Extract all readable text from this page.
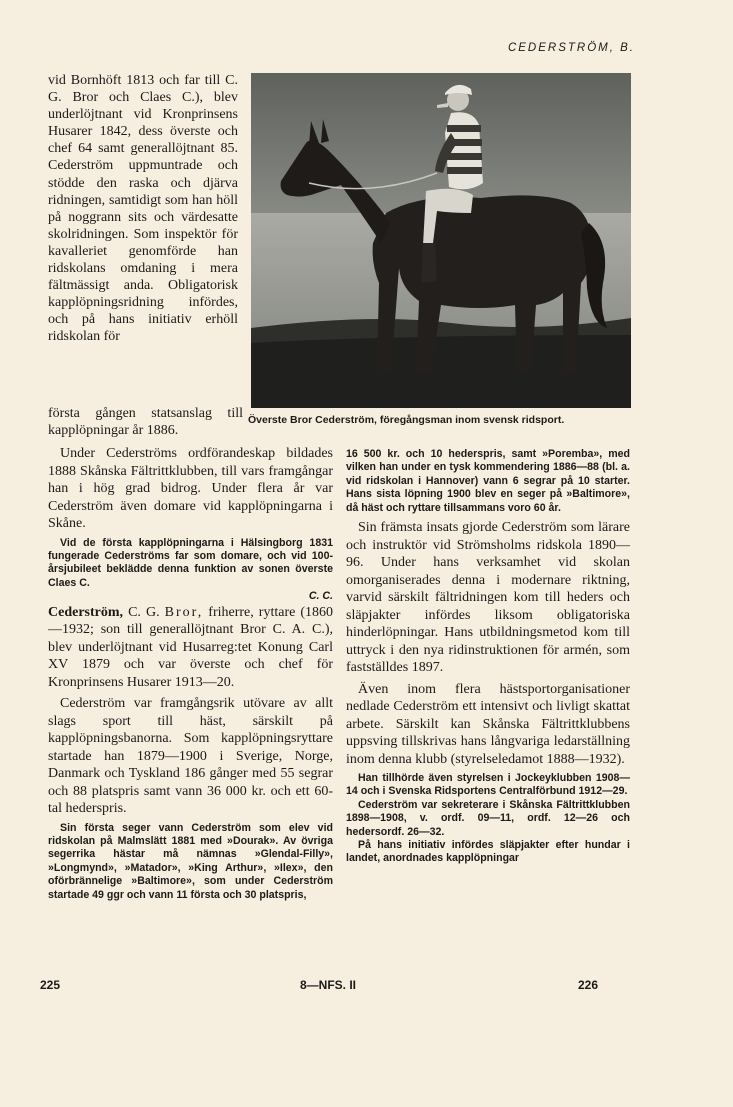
CEDERSTRÖM, B.
Överste Bror Cederström, föregångsman inom svensk ridsport.

vid Bornhöft 1813 och far till C. G. Bror och Claes C.), blev underlöjtnant vid Kronprinsens Husarer 1842, dess överste och chef 64 samt generallöjtnant 85. Cederström uppmuntrade och stödde den raska och djärva ridningen, samtidigt som han höll på noggrann sits och värdesatte skolridningen. Som inspektör för kavalleriet genomförde han ridskolans omdaning i mera fältmässigt anda. Obligatorisk kapplöpningsridning infördes, och på hans initiativ erhöll ridskolan för

första gången statsanslag till kapplöpningar år 1886.

Under Cederströms ordförandeskap bildades 1888 Skånska Fältrittklubben, till vars framgångar han i hög grad bidrog. Under flera år var Cederström även domare vid kapplöpningarna i Skåne.

Vid de första kapplöpningarna i Hälsingborg 1831 fungerade Cederströms far som domare, och vid 100-årsjubileet beklädde denna funktion av sonen överste Claes C.

C. C.

Cederström, C. G. Bror, friherre, ryttare (1860—1932; son till generallöjtnant Bror C. A. C.), blev underlöjtnant vid Husarreg:tet Konung Carl XV 1879 och var överste och chef för Kronprinsens Husarer 1913—20.

Cederström var framgångsrik utövare av allt slags sport till häst, särskilt på kapplöpningsbanorna. Som kapplöpningsryttare startade han 1879—1900 i Sverige, Norge, Danmark och Tyskland 186 gånger med 55 segrar och 88 platspris samt vann 36 000 kr. och ett 60-tal hederspris.

Sin första seger vann Cederström som elev vid ridskolan på Malmslätt 1881 med »Dourak». Av övriga segerrika hästar må nämnas »Glendal-Filly», »Longmynd», »Matador», »King Arthur», »Ilex», den oförbrännelige »Baltimore», som under Cederström startade 49 ggr och vann 11 första och 30 platspris,

16 500 kr. och 10 hederspris, samt »Poremba», med vilken han under en tysk kommendering 1886—88 (bl. a. vid ridskolan i Hannover) vann 6 segrar på 10 starter. Hans sista löpning 1900 blev en seger på »Baltimore», då häst och ryttare tillsammans voro 60 år.

Sin främsta insats gjorde Cederström som lärare och instruktör vid Strömsholms ridskola 1890—96. Under hans verksamhet vid skolan omorganiserades denna i modernare riktning, varvid särskilt fältridningen kom till heders och släpjakter infördes liksom obligatoriska hinderlöpningar. Hans utbildningsmetod kom till uttryck i den nya ridinstruktionen för armén, som fastställdes 1897.

Även inom flera hästsportorganisationer nedlade Cederström ett intensivt och livligt skattat arbete. Särskilt kan Skånska Fältrittklubbens uppsving tillskrivas hans långvariga ledarställning inom denna klubb (styrelseledamot 1888—1932).

Han tillhörde även styrelsen i Jockeyklubben 1908—14 och i Svenska Ridsportens Centralförbund 1912—29.

Cederström var sekreterare i Skånska Fältrittklubben 1898—1908, v. ordf. 09—11, ordf. 12—26 och hedersordf. 26—32.

På hans initiativ infördes släpjakter efter hundar i landet, anordnades kapplöpningar

225	8—NFS. II	226
